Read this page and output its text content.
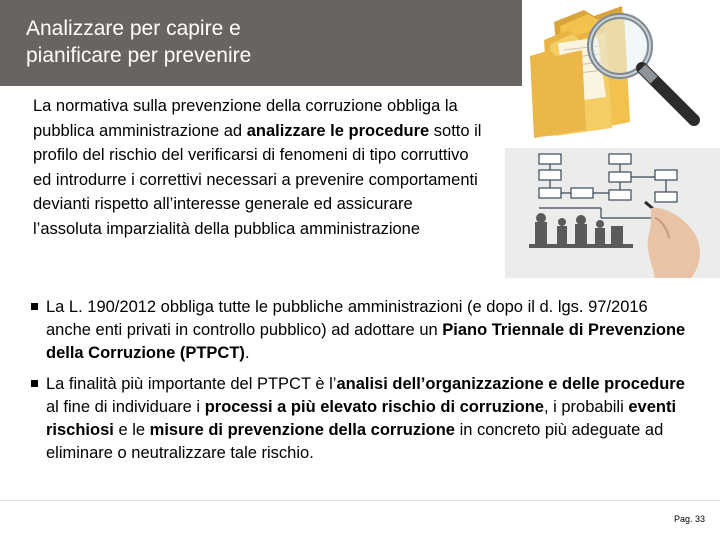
Analizzare per capire e
pianificare per prevenire

La normativa sulla prevenzione della corruzione obbliga la pubblica amministrazione ad analizzare le procedure sotto il profilo del rischio del verificarsi di fenomeni di tipo corruttivo ed introdurre i correttivi necessari a prevenire comportamenti devianti rispetto all’interesse generale ed assicurare l’assoluta imparzialità della pubblica amministrazione

La L. 190/2012 obbliga tutte le pubbliche amministrazioni (e dopo il d. lgs. 97/2016 anche enti privati in controllo pubblico) ad adottare un Piano Triennale di Prevenzione della Corruzione (PTPCT).
La finalità più importante del PTPCT è l’analisi dell’organizzazione e delle procedure al fine di individuare i processi a più elevato rischio di corruzione, i probabili eventi rischiosi e le misure di prevenzione della corruzione in concreto più adeguate ad eliminare o neutralizzare tale rischio.
Pag. 33
